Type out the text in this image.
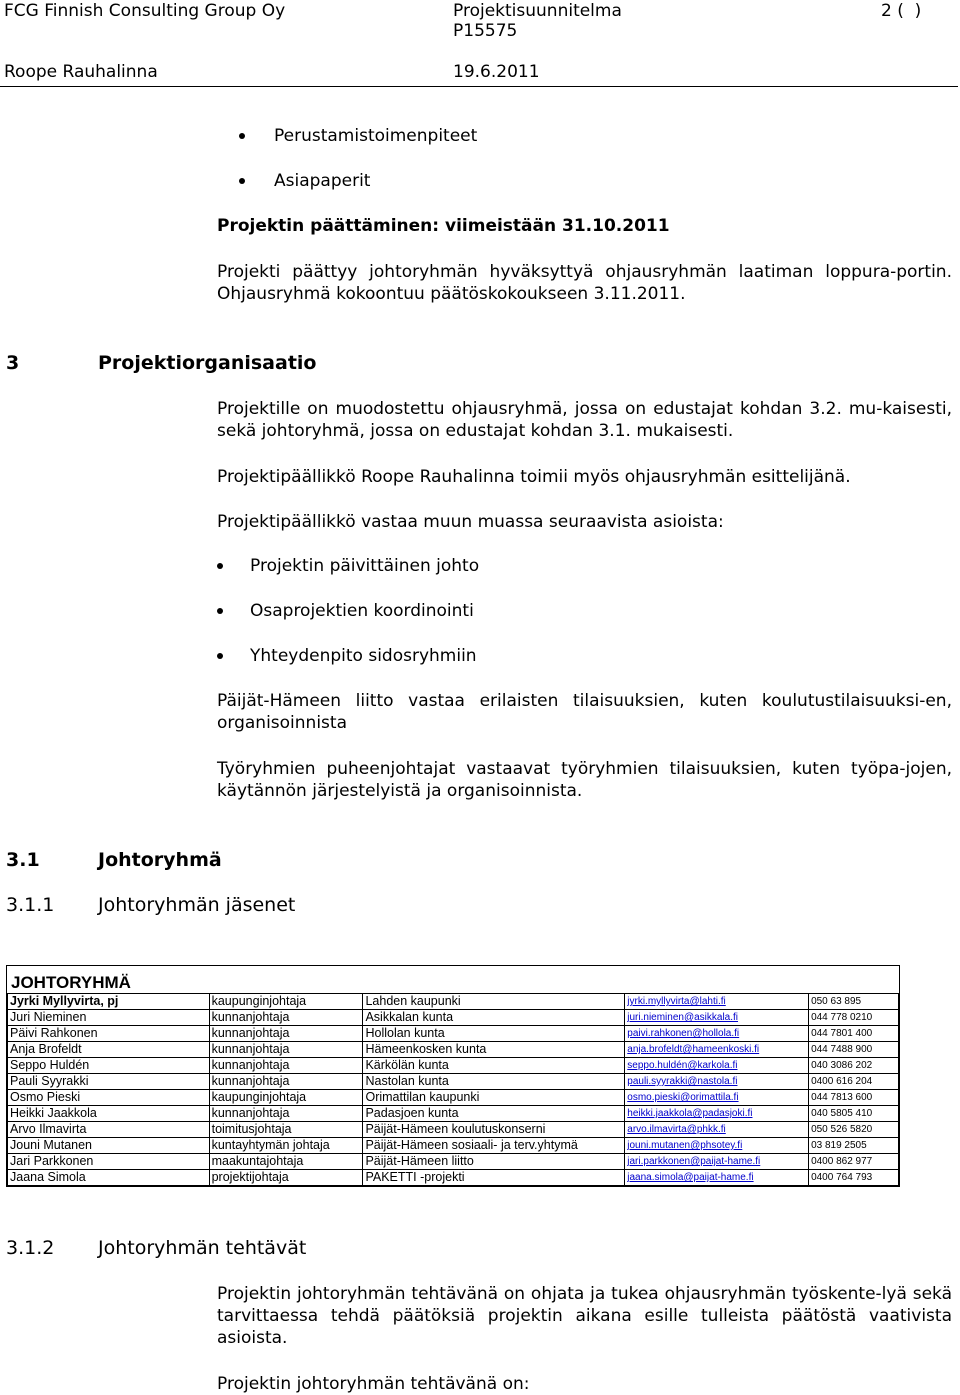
FCG Finnish Consulting Group Oy	Projektisuunnitelma
P15575
2 (  )
Roope Rauhalinna	19.6.2011
Perustamistoimenpiteet
Asiapaperit
Projektin päättäminen: viimeistään 31.10.2011
Projekti päättyy johtoryhmän hyväksyttyä ohjausryhmän laatiman loppura-portin. Ohjausryhmä kokoontuu päätöskokoukseen 3.11.2011.
3	Projektiorganisaatio
Projektille on muodostettu ohjausryhmä, jossa on edustajat kohdan 3.2. mu-kaisesti, sekä johtoryhmä, jossa on edustajat kohdan 3.1. mukaisesti.
Projektipäällikkö Roope Rauhalinna toimii myös ohjausryhmän esittelijänä.
Projektipäällikkö vastaa muun muassa seuraavista asioista:
Projektin päivittäinen johto
Osaprojektien koordinointi
Yhteydenpito sidosryhmiin
Päijät-Hämeen liitto vastaa erilaisten tilaisuuksien, kuten koulutustilaisuuksi-en, organisoinnista
Työryhmien puheenjohtajat vastaavat työryhmien tilaisuuksien, kuten työpa-jojen, käytännön järjestelyistä ja organisoinnista.
3.1	Johtoryhmä
3.1.1 Johtoryhmän jäsenet
JOHTORYHMÄ
Jyrki Myllyvirta, pj	kaupunginjohtaja	Lahden kaupunki	jyrki.myllyvirta@lahti.fi	050 63 895
Juri Nieminen	kunnanjohtaja	Asikkalan kunta	juri.nieminen@asikkala.fi	044 778 0210
Päivi Rahkonen	kunnanjohtaja	Hollolan kunta	paivi.rahkonen@hollola.fi	044 7801 400
Anja Brofeldt	kunnanjohtaja	Hämeenkosken kunta	anja.brofeldt@hameenkoski.fi	044 7488 900
Seppo Huldén	kunnanjohtaja	Kärkölän kunta	seppo.huldén@karkola.fi	040 3086 202
Pauli Syyrakki	kunnanjohtaja	Nastolan kunta	pauli.syyrakki@nastola.fi	0400 616 204
Osmo Pieski	kaupunginjohtaja	Orimattilan kaupunki	osmo.pieski@orimattila.fi	044 7813 600
Heikki Jaakkola	kunnanjohtaja	Padasjoen kunta	heikki.jaakkola@padasjoki.fi	040 5805 410
Arvo Ilmavirta	toimitusjohtaja	Päijät-Hämeen koulutuskonserni	arvo.ilmavirta@phkk.fi	050 526 5820
Jouni Mutanen	kuntayhtymän johtaja	Päijät-Hämeen sosiaali- ja terv.yhtymä	jouni.mutanen@phsotey.fi	03 819 2505
Jari Parkkonen	maakuntajohtaja	Päijät-Hämeen liitto	jari.parkkonen@paijat-hame.fi	0400 862 977
Jaana Simola	projektijohtaja	PAKETTI -projekti	jaana.simola@paijat-hame.fi	0400 764 793
3.1.2 Johtoryhmän tehtävät
Projektin johtoryhmän tehtävänä on ohjata ja tukea ohjausryhmän työskente-lyä sekä tarvittaessa tehdä päätöksiä projektin aikana esille tulleista päätöstä vaativista asioista.
Projektin johtoryhmän tehtävänä on:
